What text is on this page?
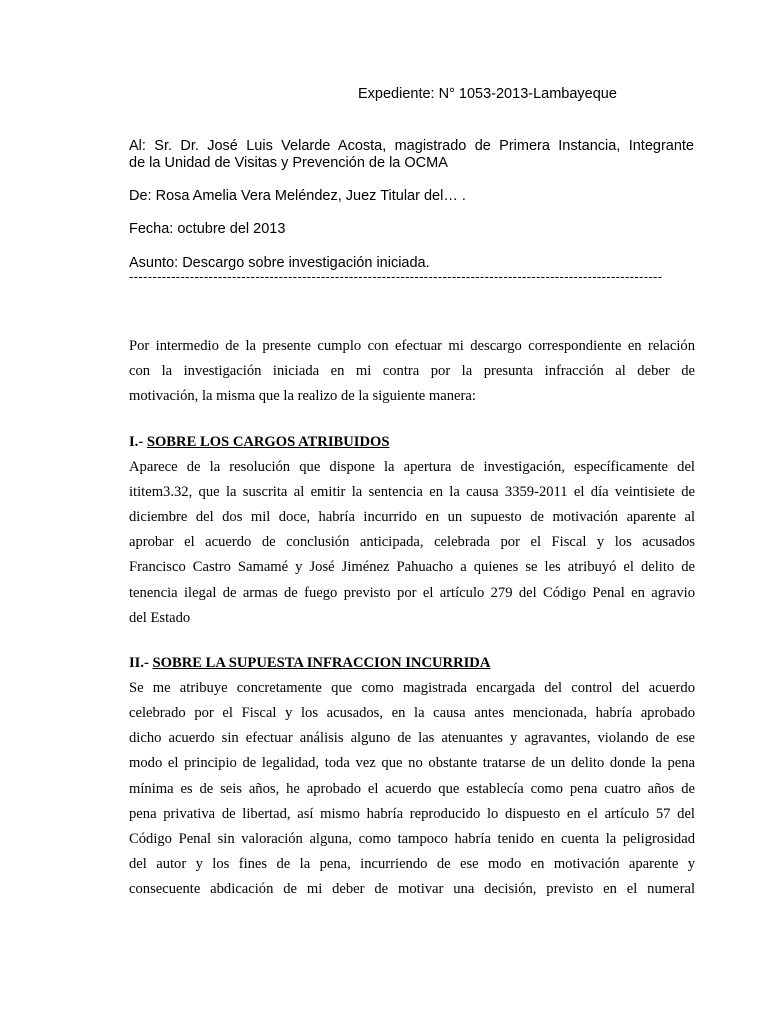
Expediente: N° 1053-2013-Lambayeque
Al: Sr. Dr. José Luis Velarde Acosta, magistrado de Primera Instancia, Integrante
de la Unidad de Visitas y Prevención de la OCMA
De: Rosa Amelia Vera Meléndez, Juez Titular del… .
Fecha: octubre del 2013
Asunto: Descargo sobre investigación iniciada.
------------------------------------------------------------------------------------------------------------------
Por intermedio de la presente cumplo con efectuar mi descargo correspondiente en relación
con la investigación iniciada en mi contra por la presunta infracción al deber de
motivación, la misma que la realizo de la siguiente manera:
I.- SOBRE LOS CARGOS ATRIBUIDOS
Aparece de la resolución que dispone la apertura de investigación, específicamente del
ititem3.32, que la suscrita al emitir la sentencia en la causa 3359-2011 el día veintisiete de
diciembre del dos mil doce, habría incurrido en un supuesto de motivación aparente al
aprobar el acuerdo de conclusión anticipada, celebrada por el Fiscal y los acusados
Francisco Castro Samamé y José Jiménez Pahuacho a quienes se les atribuyó el delito de
tenencia ilegal de armas de fuego previsto por el artículo 279 del Código Penal en agravio
del Estado
II.- SOBRE LA SUPUESTA INFRACCION INCURRIDA
Se me atribuye concretamente que como magistrada encargada del control del acuerdo
celebrado por el Fiscal y los acusados, en la causa antes mencionada, habría aprobado
dicho acuerdo sin efectuar análisis alguno de las atenuantes y agravantes, violando de ese
modo el principio de legalidad, toda vez que no obstante tratarse de un delito donde la pena
mínima es de seis años, he aprobado el acuerdo que establecía como pena cuatro años de
pena privativa de libertad, así mismo habría reproducido lo dispuesto en el artículo 57 del
Código Penal sin valoración alguna, como tampoco habría tenido en cuenta la peligrosidad
del autor y los fines de la pena, incurriendo de ese modo en motivación aparente y
consecuente abdicación de mi deber de motivar una decisión, previsto en el numeral
